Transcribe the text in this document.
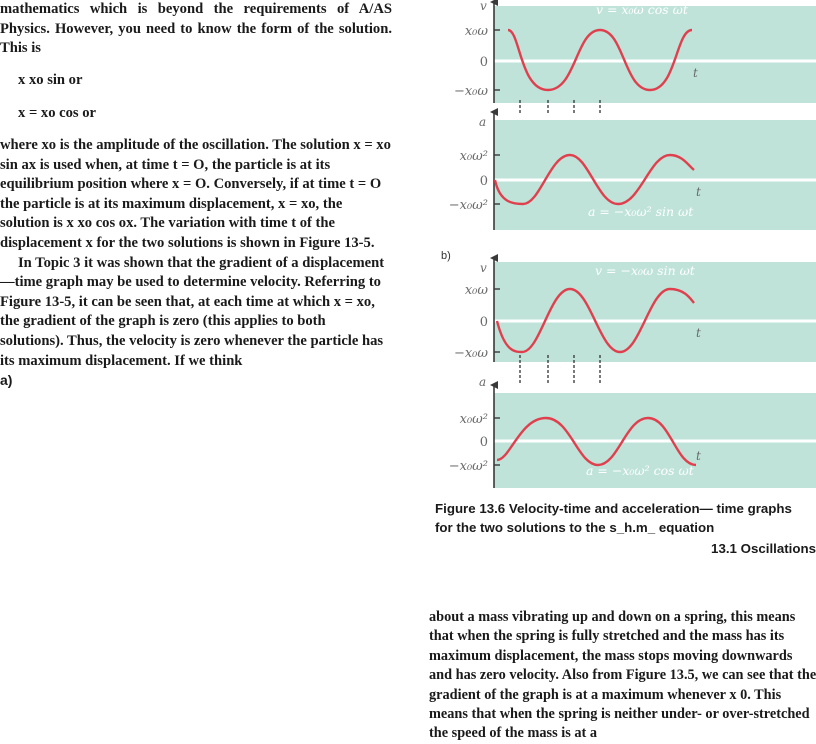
mathematics which is beyond the requirements of A/AS Physics. However, you need to know the form of the solution. This is

x xo sin or

x = xo cos or

where xo is the amplitude of the oscillation. The solution x = xo sin ax is used when, at time t = O, the particle is at its equilibrium position where x = O. Conversely, if at time t = O the particle is at its maximum displacement, x = xo, the solution is x xo cos ox. The variation with time t of the displacement x for the two solutions is shown in Figure 13-5.

In Topic 3 it was shown that the gradient of a displacement—time graph may be used to determine velocity. Referring to Figure 13-5, it can be seen that, at each time at which x = xo, the gradient of the graph is zero (this applies to both solutions). Thus, the velocity is zero whenever the particle has its maximum displacement. If we think

a)

v
t
a
t
v
t
a
t
x₀ω
0
−x₀ω
x₀ω²
0
−x₀ω²
x₀ω
0
−x₀ω
x₀ω²
0
−x₀ω²
v = x₀ω cos ωt
a = −x₀ω² sin ωt
v = −x₀ω sin ωt
a = −x₀ω² cos ωt
b)
Figure 13.6 Velocity-time and acceleration— time graphs
for the two solutions to the s_h.m_ equation
13.1 Oscillations

about a mass vibrating up and down on a spring, this means that when the spring is fully stretched and the mass has its maximum displacement, the mass stops moving downwards and has zero velocity. Also from Figure 13.5, we can see that the gradient of the graph is at a maximum whenever x 0. This means that when the spring is neither under- or over-stretched the speed of the mass is at a
